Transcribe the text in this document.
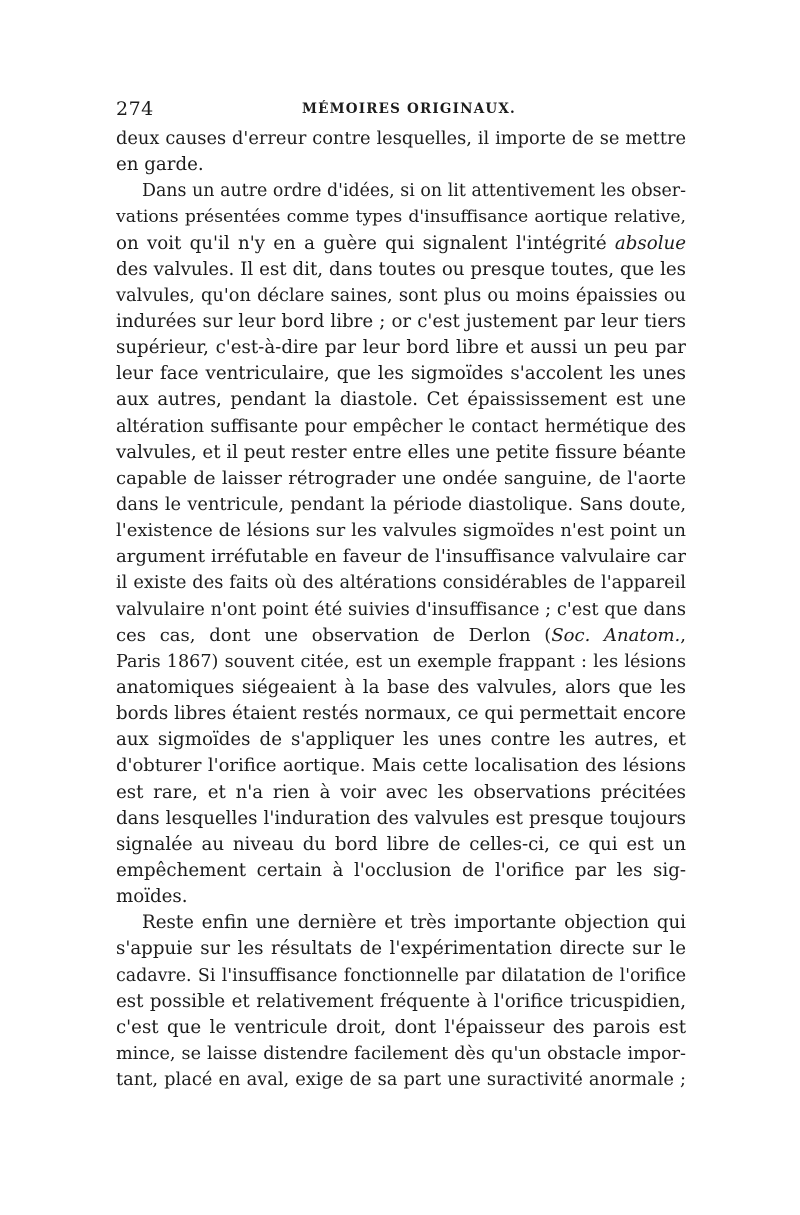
274	MÉMOIRES ORIGINAUX.
deux causes d'erreur contre lesquelles, il importe de se mettre
en garde.
Dans un autre ordre d'idées, si on lit attentivement les obser-
vations présentées comme types d'insuffisance aortique relative,
on voit qu'il n'y en a guère qui signalent l'intégrité absolue
des valvules. Il est dit, dans toutes ou presque toutes, que les
valvules, qu'on déclare saines, sont plus ou moins épaissies ou
indurées sur leur bord libre ; or c'est justement par leur tiers
supérieur, c'est-à-dire par leur bord libre et aussi un peu par
leur face ventriculaire, que les sigmoïdes s'accolent les unes
aux autres, pendant la diastole. Cet épaississement est une
altération suffisante pour empêcher le contact hermétique des
valvules, et il peut rester entre elles une petite fissure béante
capable de laisser rétrograder une ondée sanguine, de l'aorte
dans le ventricule, pendant la période diastolique. Sans doute,
l'existence de lésions sur les valvules sigmoïdes n'est point un
argument irréfutable en faveur de l'insuffisance valvulaire car
il existe des faits où des altérations considérables de l'appareil
valvulaire n'ont point été suivies d'insuffisance ; c'est que dans
ces cas, dont une observation de Derlon (Soc. Anatom.,
Paris 1867) souvent citée, est un exemple frappant : les lésions
anatomiques siégeaient à la base des valvules, alors que les
bords libres étaient restés normaux, ce qui permettait encore
aux sigmoïdes de s'appliquer les unes contre les autres, et
d'obturer l'orifice aortique. Mais cette localisation des lésions
est rare, et n'a rien à voir avec les observations précitées
dans lesquelles l'induration des valvules est presque toujours
signalée au niveau du bord libre de celles-ci, ce qui est un
empêchement certain à l'occlusion de l'orifice par les sig-
moïdes.
Reste enfin une dernière et très importante objection qui
s'appuie sur les résultats de l'expérimentation directe sur le
cadavre. Si l'insuffisance fonctionnelle par dilatation de l'orifice
est possible et relativement fréquente à l'orifice tricuspidien,
c'est que le ventricule droit, dont l'épaisseur des parois est
mince, se laisse distendre facilement dès qu'un obstacle impor-
tant, placé en aval, exige de sa part une suractivité anormale ;
